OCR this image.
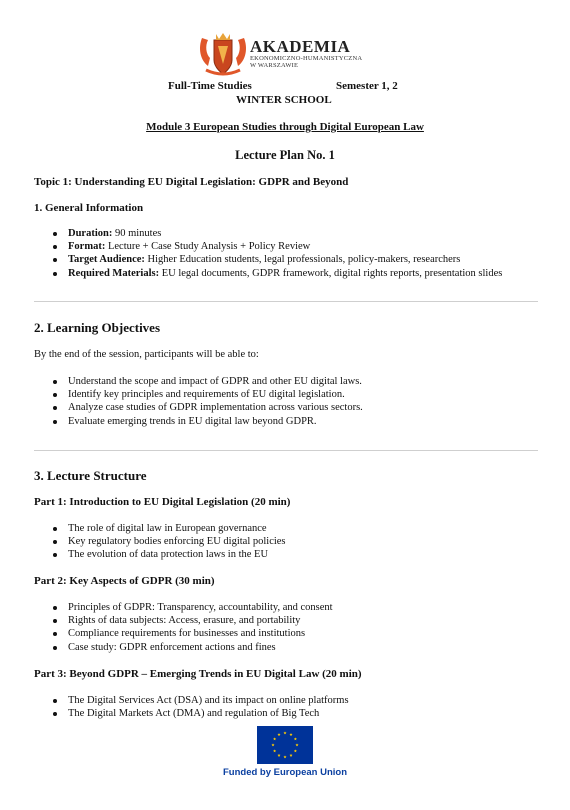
AKADEMIA
EKONOMICZNO-HUMANISTYCZNA
W WARSZAWIE
Full-Time Studies	Semester 1, 2
WINTER SCHOOL
Module 3 European Studies through Digital European Law
Lecture Plan No. 1
Topic 1: Understanding EU Digital Legislation: GDPR and Beyond
1. General Information
Duration: 90 minutes
Format: Lecture + Case Study Analysis + Policy Review
Target Audience: Higher Education students, legal professionals, policy-makers, researchers
Required Materials: EU legal documents, GDPR framework, digital rights reports, presentation slides
2. Learning Objectives
By the end of the session, participants will be able to:
Understand the scope and impact of GDPR and other EU digital laws.
Identify key principles and requirements of EU digital legislation.
Analyze case studies of GDPR implementation across various sectors.
Evaluate emerging trends in EU digital law beyond GDPR.
3. Lecture Structure
Part 1: Introduction to EU Digital Legislation (20 min)
The role of digital law in European governance
Key regulatory bodies enforcing EU digital policies
The evolution of data protection laws in the EU
Part 2: Key Aspects of GDPR (30 min)
Principles of GDPR: Transparency, accountability, and consent
Rights of data subjects: Access, erasure, and portability
Compliance requirements for businesses and institutions
Case study: GDPR enforcement actions and fines
Part 3: Beyond GDPR – Emerging Trends in EU Digital Law (20 min)
The Digital Services Act (DSA) and its impact on online platforms
The Digital Markets Act (DMA) and regulation of Big Tech
Funded by European Union
